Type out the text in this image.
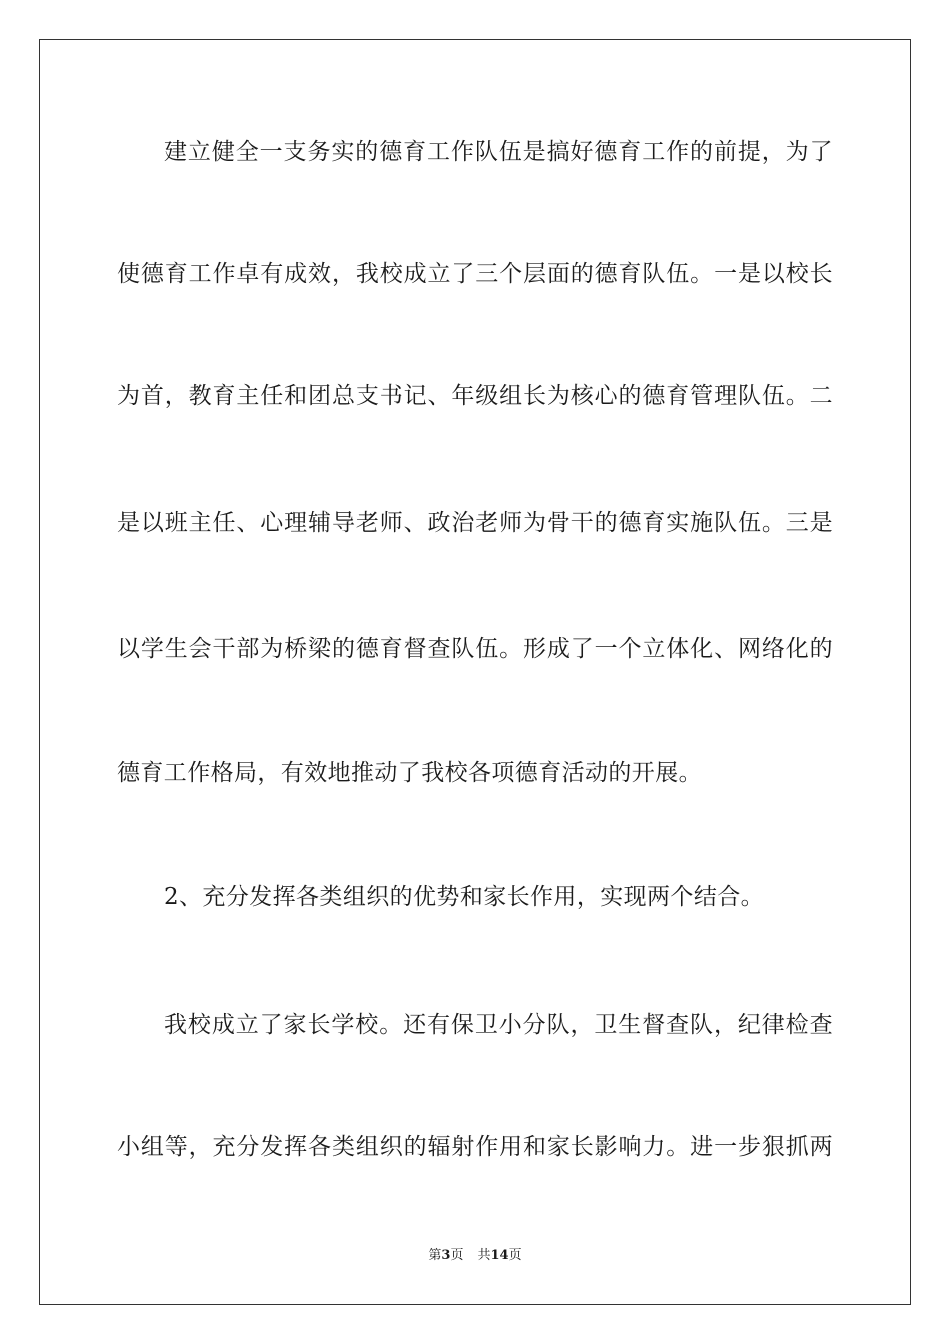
建立健全一支务实的德育工作队伍是搞好德育工作的前提，为了
使德育工作卓有成效，我校成立了三个层面的德育队伍。一是以校长
为首，教育主任和团总支书记、年级组长为核心的德育管理队伍。二
是以班主任、心理辅导老师、政治老师为骨干的德育实施队伍。三是
以学生会干部为桥梁的德育督查队伍。形成了一个立体化、网络化的
德育工作格局，有效地推动了我校各项德育活动的开展。
2、充分发挥各类组织的优势和家长作用，实现两个结合。
我校成立了家长学校。还有保卫小分队，卫生督查队，纪律检查
小组等，充分发挥各类组织的辐射作用和家长影响力。进一步狠抓两
第3页 共14页
